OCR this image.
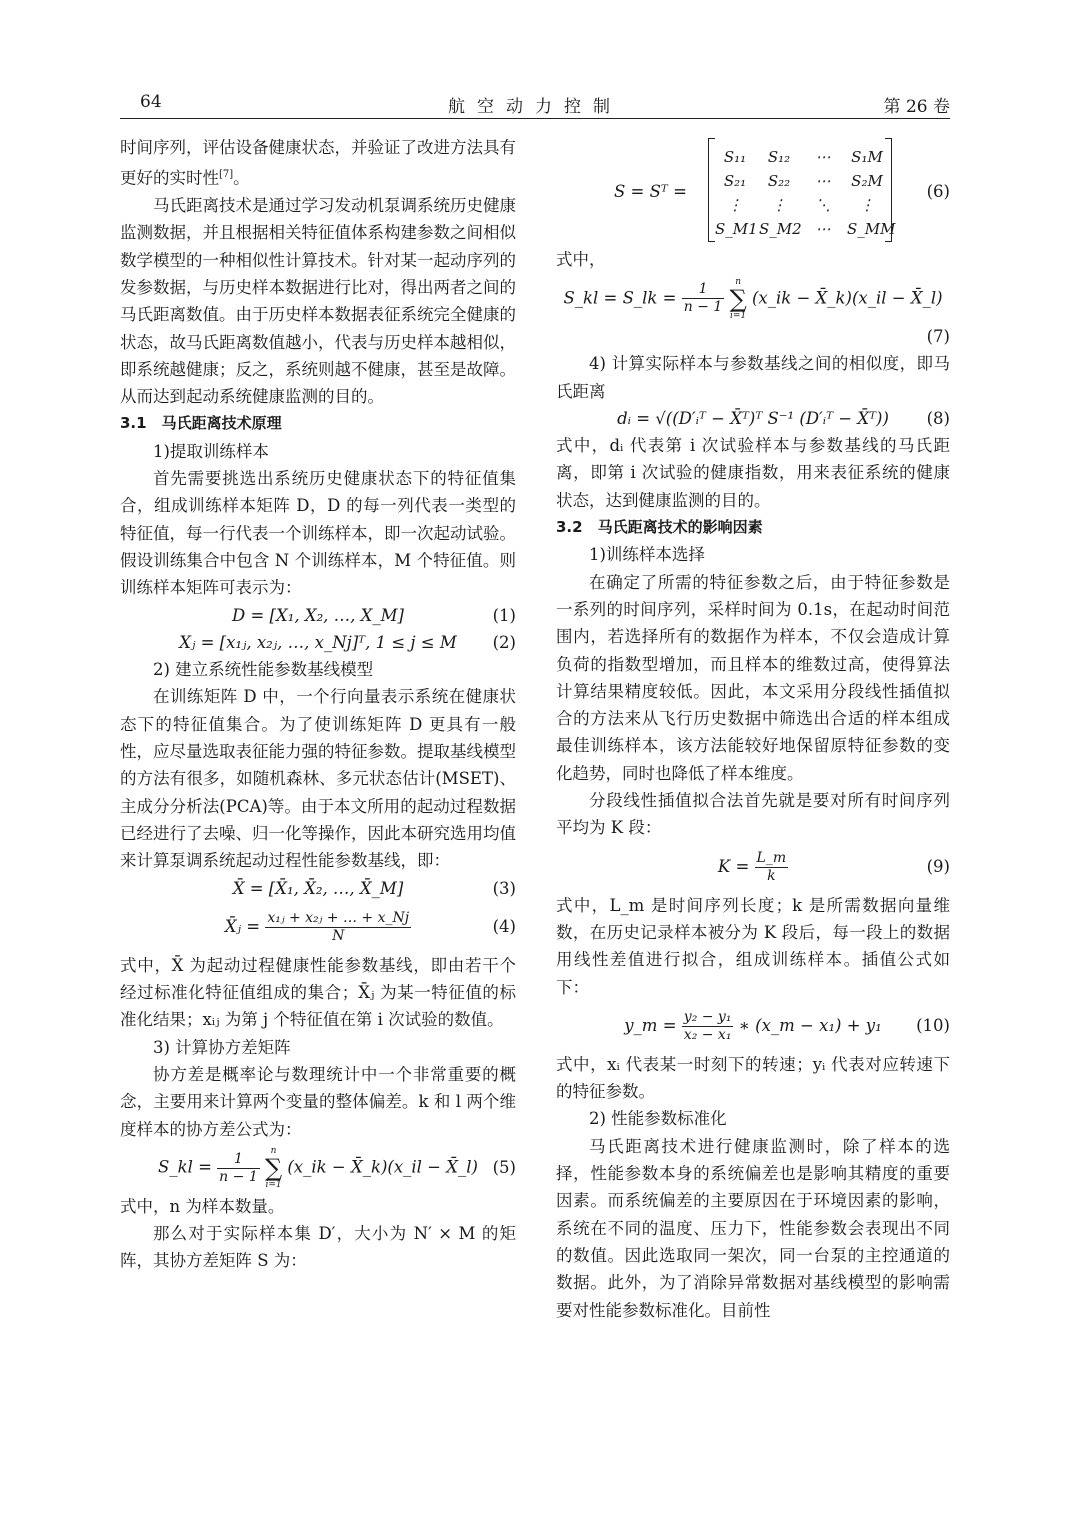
64	航空动力控制	第 26 卷

时间序列，评估设备健康状态，并验证了改进方法具有更好的实时性[7]。

马氏距离技术是通过学习发动机泵调系统历史健康监测数据，并且根据相关特征值体系构建参数之间相似数学模型的一种相似性计算技术。针对某一起动序列的发参数据，与历史样本数据进行比对，得出两者之间的马氏距离数值。由于历史样本数据表征系统完全健康的状态，故马氏距离数值越小，代表与历史样本越相似，即系统越健康；反之，系统则越不健康，甚至是故障。从而达到起动系统健康监测的目的。

3.1　马氏距离技术原理

1)提取训练样本

首先需要挑选出系统历史健康状态下的特征值集合，组成训练样本矩阵 D，D 的每一列代表一类型的特征值，每一行代表一个训练样本，即一次起动试验。假设训练集合中包含 N 个训练样本，M 个特征值。则训练样本矩阵可表示为：

D = [X₁, X₂, …, X_M]	(1)
Xⱼ = [x₁ⱼ, x₂ⱼ, …, x_Nj]ᵀ, 1 ≤ j ≤ M (2)

2) 建立系统性能参数基线模型

在训练矩阵 D 中，一个行向量表示系统在健康状态下的特征值集合。为了使训练矩阵 D 更具有一般性，应尽量选取表征能力强的特征参数。提取基线模型的方法有很多，如随机森林、多元状态估计(MSET)、主成分分析法(PCA)等。由于本文所用的起动过程数据已经进行了去噪、归一化等操作，因此本研究选用均值来计算泵调系统起动过程性能参数基线，即：

X̄ = [X̄₁, X̄₂, …, X̄_M]	(3)
X̄ⱼ = $\frac{\text{x₁ⱼ + x₂ⱼ + … + x\_Nj}}{N}$	(4)

式中，X̄ 为起动过程健康性能参数基线，即由若干个经过标准化特征值组成的集合；X̄ⱼ 为某一特征值的标准化结果；xᵢⱼ 为第 j 个特征值在第 i 次试验的数值。

3) 计算协方差矩阵

协方差是概率论与数理统计中一个非常重要的概念，主要用来计算两个变量的整体偏差。k 和 l 两个维度样本的协方差公式为：

S_kl = $\frac{1}{n - 1}$
	n
∑
i=1
(x_ik − X̄_k)(x_il − X̄_l) (5)

式中，n 为样本数量。

那么对于实际样本集 D′，大小为 N′ × M 的矩阵，其协方差矩阵 S 为：

S = Sᵀ =
S₁₁	S₁₂	⋯	S₁M
S₂₁	S₂₂	⋯	S₂M
⋮	⋮	⋱	⋮
S_M1 S_M2 ⋯	S_MM
(6)

式中，

S_kl = S_lk = $\frac{1}{n - 1}$
	n
∑
i=1
(x_ik − X̄_k)(x_il − X̄_l)
(7)

4) 计算实际样本与参数基线之间的相似度，即马氏距离

dᵢ = √((D′ᵢᵀ − X̄ᵀ)ᵀ S⁻¹ (D′ᵢᵀ − X̄ᵀ)) (8)

式中，dᵢ 代表第 i 次试验样本与参数基线的马氏距离，即第 i 次试验的健康指数，用来表征系统的健康状态，达到健康监测的目的。

3.2　马氏距离技术的影响因素

1)训练样本选择

在确定了所需的特征参数之后，由于特征参数是一系列的时间序列，采样时间为 0.1s，在起动时间范围内，若选择所有的数据作为样本，不仅会造成计算负荷的指数型增加，而且样本的维数过高，使得算法计算结果精度较低。因此，本文采用分段线性插值拟合的方法来从飞行历史数据中筛选出合适的样本组成最佳训练样本，该方法能较好地保留原特征参数的变化趋势，同时也降低了样本维度。

分段线性插值拟合法首先就是要对所有时间序列平均为 K 段：

$K = \frac{L\_m}{k}$	(9)

式中，L_m 是时间序列长度；k 是所需数据向量维数，在历史记录样本被分为 K 段后，每一段上的数据用线性差值进行拟合，组成训练样本。插值公式如下：

y_m = $\frac{\text{y₂ − y₁}}{\text{x₂ − x₁}}$ ∗ (x_m − x₁) + y₁ (10)

式中，xᵢ 代表某一时刻下的转速；yᵢ 代表对应转速下的特征参数。

2) 性能参数标准化

马氏距离技术进行健康监测时，除了样本的选择，性能参数本身的系统偏差也是影响其精度的重要因素。而系统偏差的主要原因在于环境因素的影响，系统在不同的温度、压力下，性能参数会表现出不同的数值。因此选取同一架次，同一台泵的主控通道的数据。此外，为了消除异常数据对基线模型的影响需要对性能参数标准化。目前性
